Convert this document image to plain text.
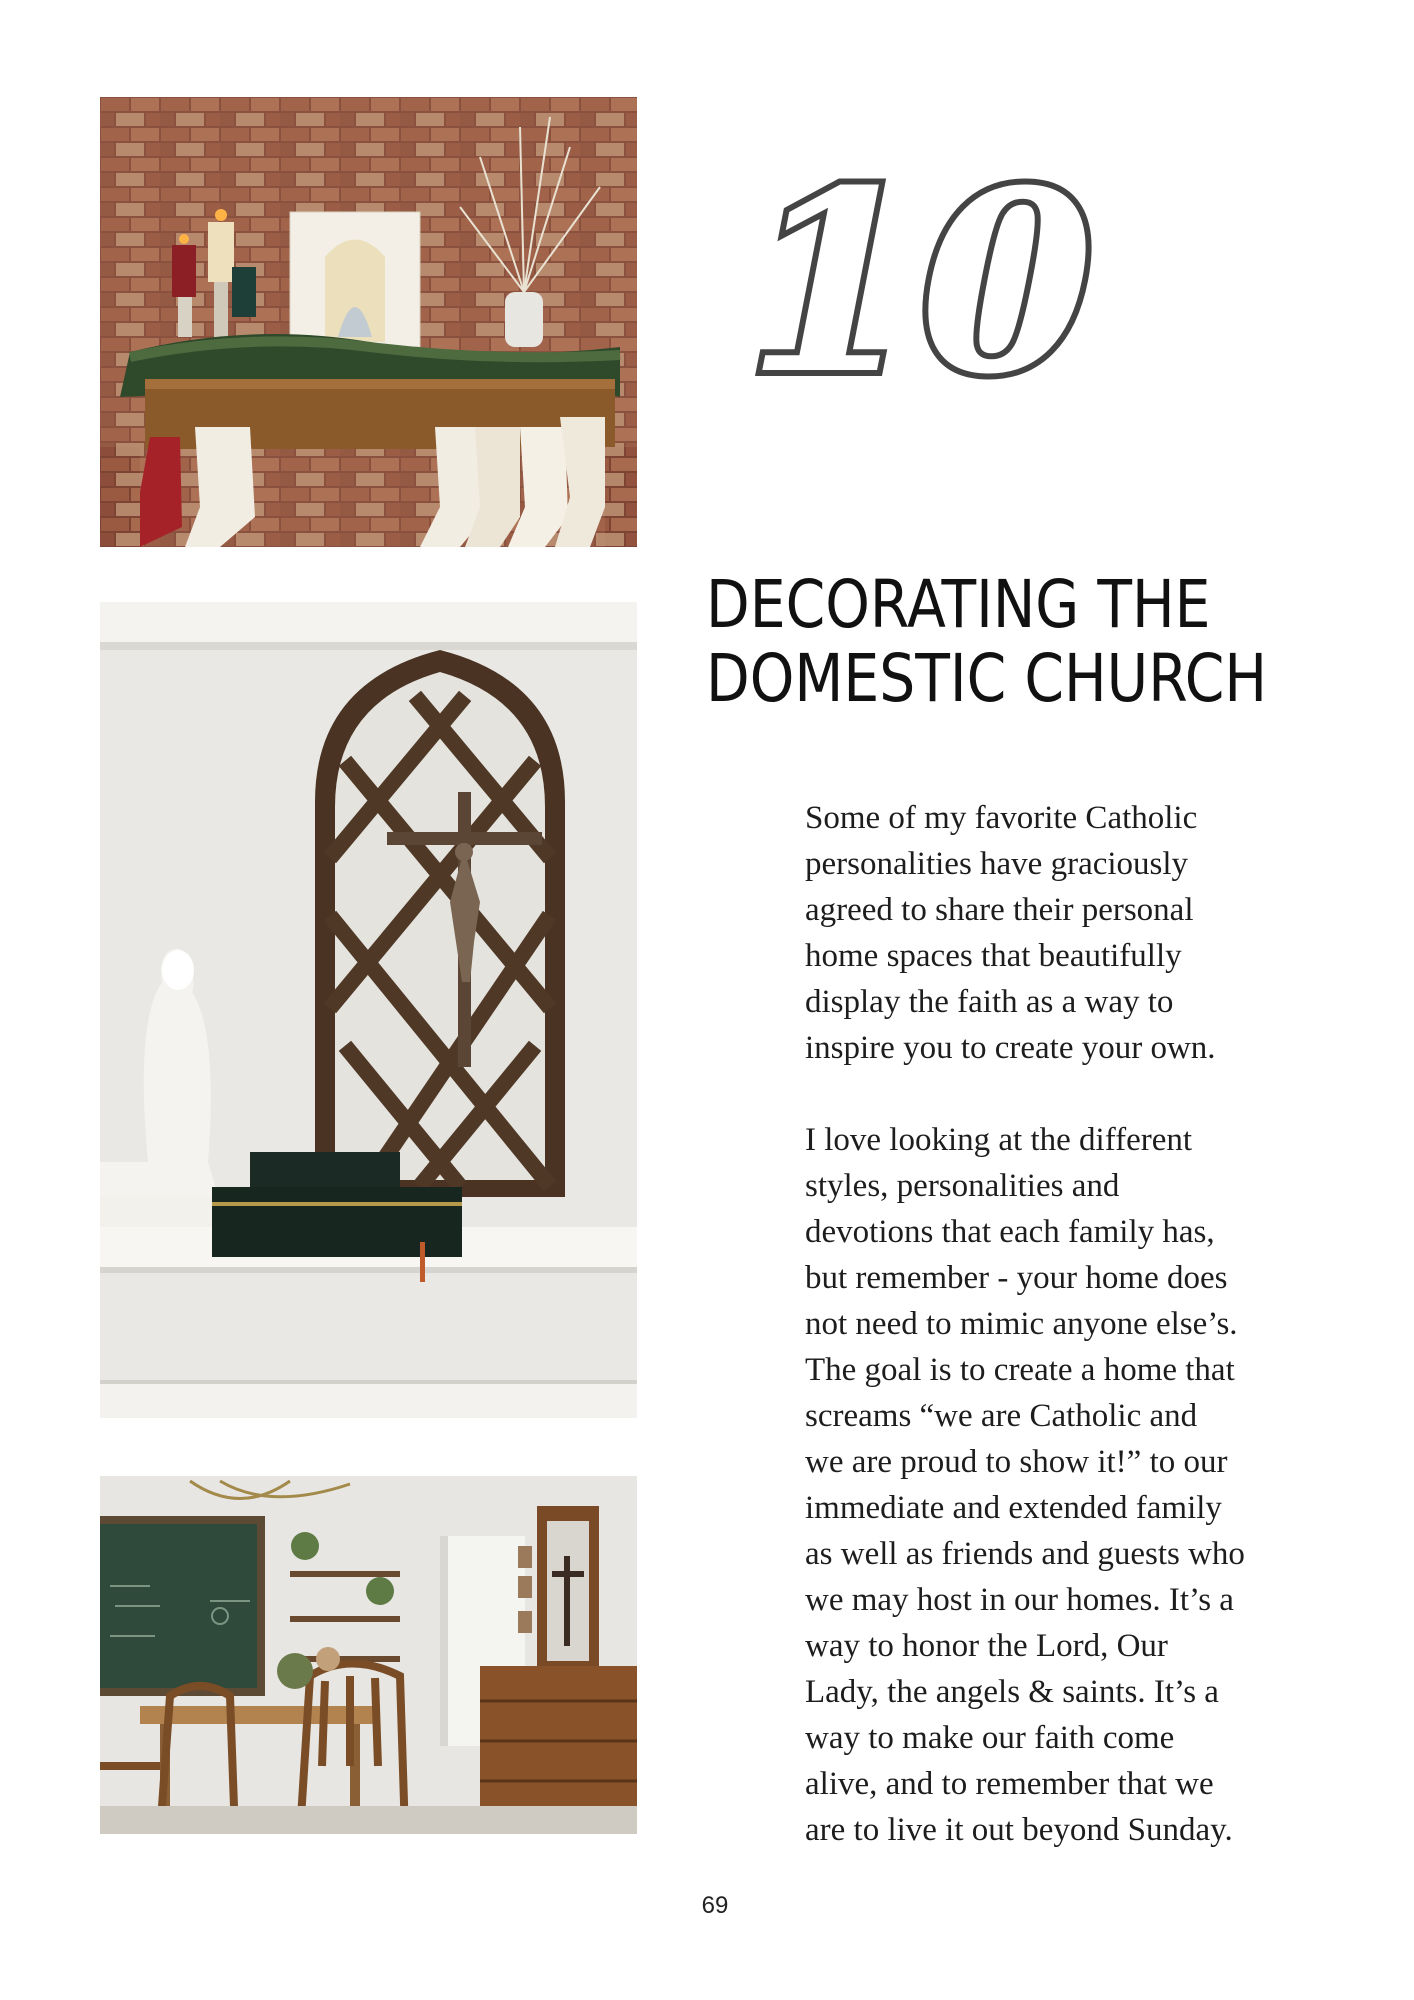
10
DECORATING THE
DOMESTIC CHURCH

Some of my favorite Catholic
personalities have graciously
agreed to share their personal
home spaces that beautifully
display the faith as a way to
inspire you to create your own.

I love looking at the different
styles, personalities and
devotions that each family has,
but remember - your home does
not need to mimic anyone else’s.
The goal is to create a home that
screams “we are Catholic and
we are proud to show it!” to our
immediate and extended family
as well as friends and guests who
we may host in our homes. It’s a
way to honor the Lord, Our
Lady, the angels & saints. It’s a
way to make our faith come
alive, and to remember that we
are to live it out beyond Sunday.

69
